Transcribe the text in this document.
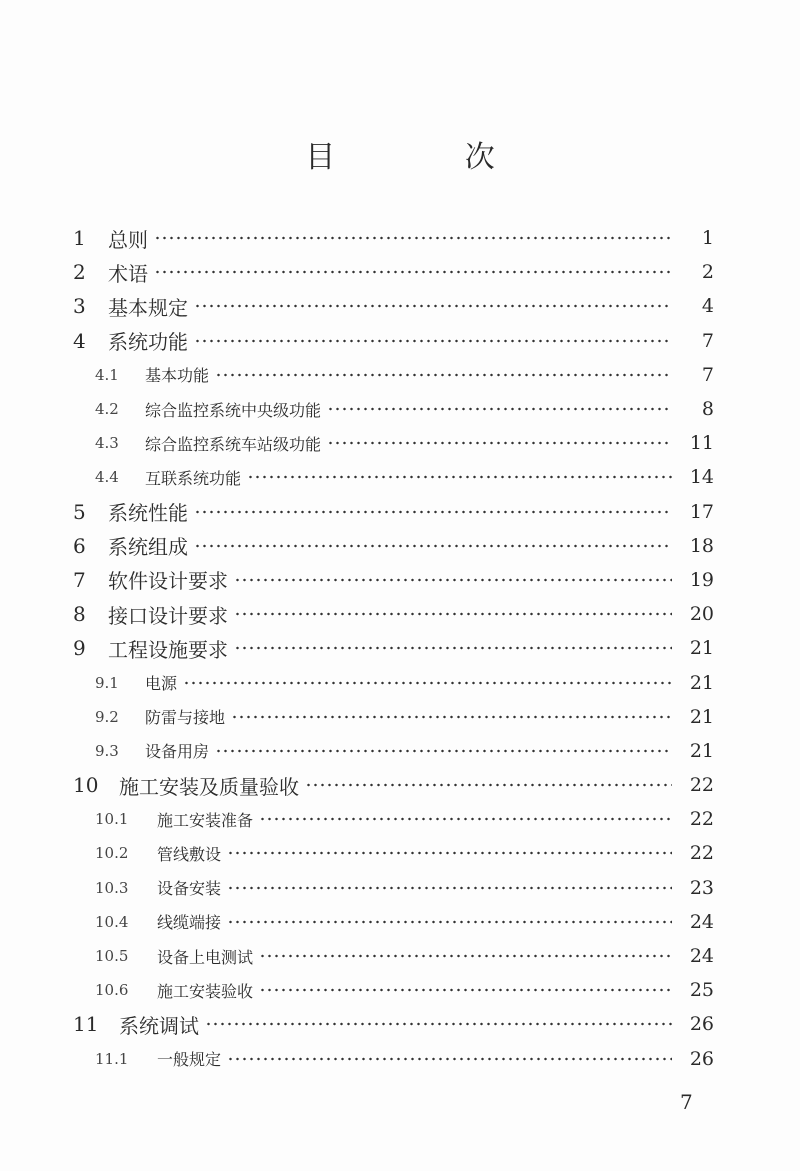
目 次
1	总则	1
2	术语	2
3	基本规定	4
4	系统功能	7
4.1	基本功能	7
4.2	综合监控系统中央级功能	8
4.3	综合监控系统车站级功能	11
4.4	互联系统功能	14
5	系统性能	17
6	系统组成	18
7	软件设计要求	19
8	接口设计要求	20
9	工程设施要求	21
9.1	电源	21
9.2	防雷与接地	21
9.3	设备用房	21
10	施工安装及质量验收	22
10.1	施工安装准备	22
10.2	管线敷设	22
10.3	设备安装	23
10.4	线缆端接	24
10.5	设备上电测试	24
10.6	施工安装验收	25
11	系统调试	26
11.1	一般规定	26
7
